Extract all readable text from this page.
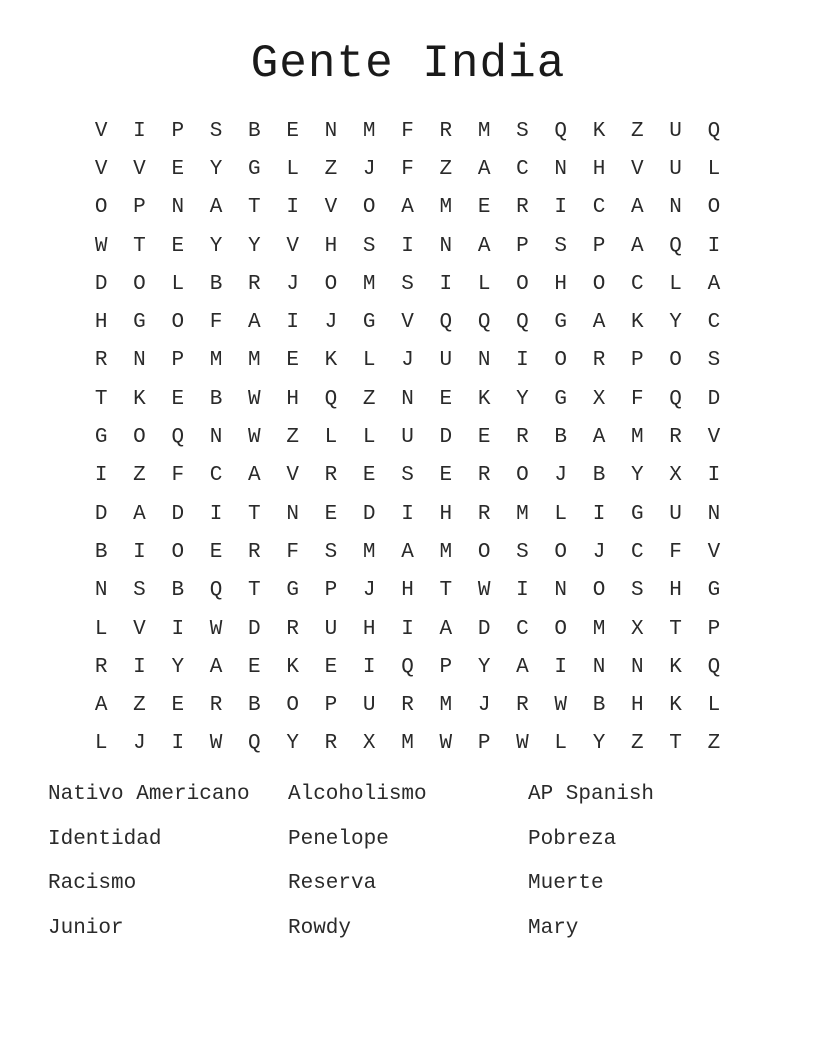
Gente India
V	I	P	S	B	E	N	M	F	R	M	S	Q	K	Z	U	Q
V	V	E	Y	G	L	Z	J	F	Z	A	C	N	H	V	U	L
O	P	N	A	T	I	V	O	A	M	E	R	I	C	A	N	O
W	T	E	Y	Y	V	H	S	I	N	A	P	S	P	A	Q	I
D	O	L	B	R	J	O	M	S	I	L	O	H	O	C	L	A
H	G	O	F	A	I	J	G	V	Q	Q	Q	G	A	K	Y	C
R	N	P	M	M	E	K	L	J	U	N	I	O	R	P	O	S
T	K	E	B	W	H	Q	Z	N	E	K	Y	G	X	F	Q	D
G	O	Q	N	W	Z	L	L	U	D	E	R	B	A	M	R	V
I	Z	F	C	A	V	R	E	S	E	R	O	J	B	Y	X	I
D	A	D	I	T	N	E	D	I	H	R	M	L	I	G	U	N
B	I	O	E	R	F	S	M	A	M	O	S	O	J	C	F	V
N	S	B	Q	T	G	P	J	H	T	W	I	N	O	S	H	G
L	V	I	W	D	R	U	H	I	A	D	C	O	M	X	T	P
R	I	Y	A	E	K	E	I	Q	P	Y	A	I	N	N	K	Q
A	Z	E	R	B	O	P	U	R	M	J	R	W	B	H	K	L
L	J	I	W	Q	Y	R	X	M	W	P	W	L	Y	Z	T	Z
Nativo Americano	Alcoholismo	AP Spanish
Identidad	Penelope	Pobreza
Racismo	Reserva	Muerte
Junior	Rowdy	Mary
